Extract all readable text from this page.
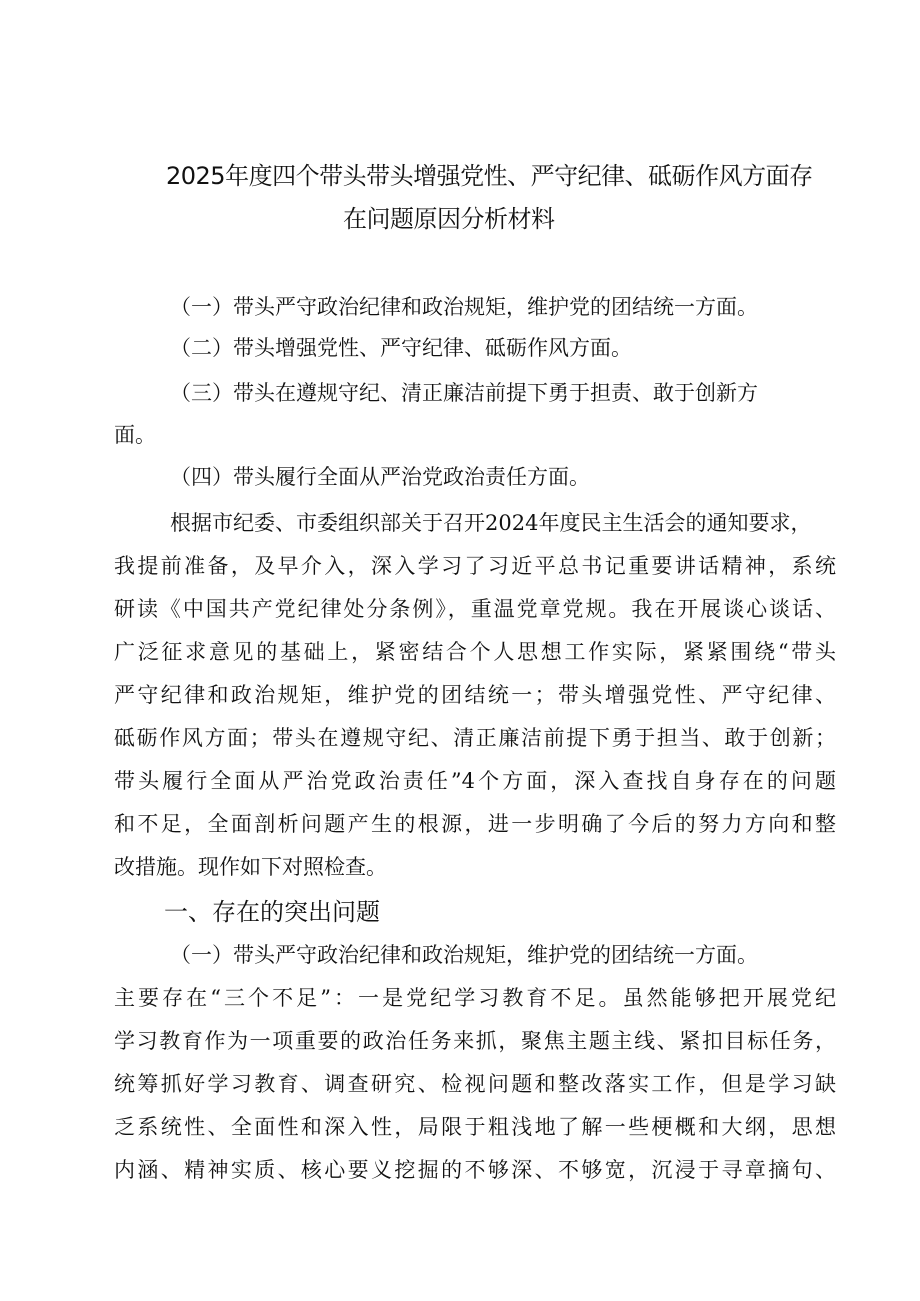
2025年度四个带头带头增强党性、严守纪律、砥砺作风方面存
在问题原因分析材料
（一）带头严守政治纪律和政治规矩，维护党的团结统一方面。
（二）带头增强党性、严守纪律、砥砺作风方面。
（三）带头在遵规守纪、清正廉洁前提下勇于担责、敢于创新方
面。
（四）带头履行全面从严治党政治责任方面。
根据市纪委、市委组织部关于召开2024年度民主生活会的通知要求，
我提前准备，及早介入，深入学习了习近平总书记重要讲话精神，系统
研读《中国共产党纪律处分条例》，重温党章党规。我在开展谈心谈话、
广泛征求意见的基础上，紧密结合个人思想工作实际，紧紧围绕“带头
严守纪律和政治规矩，维护党的团结统一；带头增强党性、严守纪律、
砥砺作风方面；带头在遵规守纪、清正廉洁前提下勇于担当、敢于创新；
带头履行全面从严治党政治责任”4个方面，深入查找自身存在的问题
和不足，全面剖析问题产生的根源，进一步明确了今后的努力方向和整
改措施。现作如下对照检查。
一、存在的突出问题
（一）带头严守政治纪律和政治规矩，维护党的团结统一方面。
主要存在“三个不足”：一是党纪学习教育不足。虽然能够把开展党纪
学习教育作为一项重要的政治任务来抓，聚焦主题主线、紧扣目标任务，
统筹抓好学习教育、调查研究、检视问题和整改落实工作，但是学习缺
乏系统性、全面性和深入性，局限于粗浅地了解一些梗概和大纲，思想
内涵、精神实质、核心要义挖掘的不够深、不够宽，沉浸于寻章摘句、
